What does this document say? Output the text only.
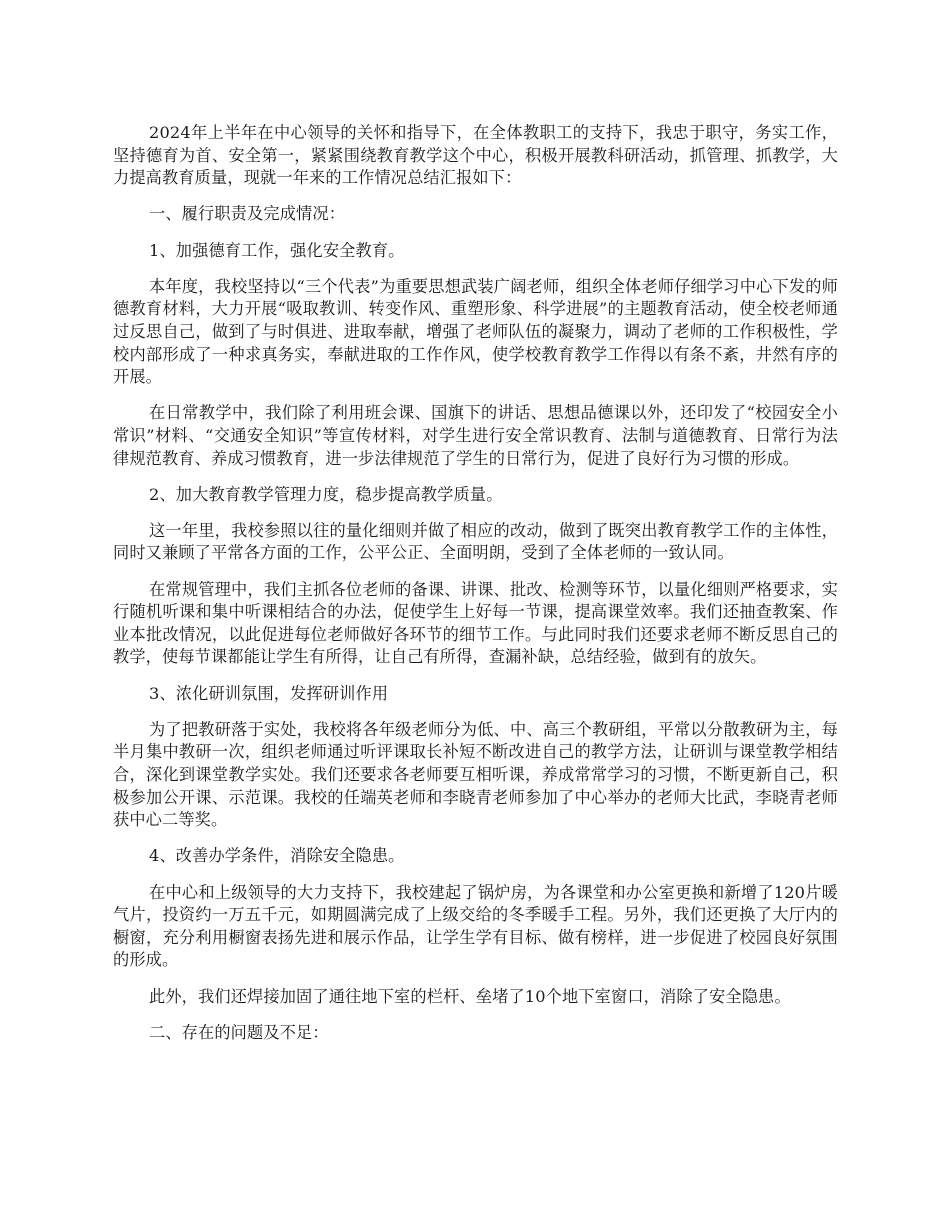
2024年上半年在中心领导的关怀和指导下，在全体教职工的支持下，我忠于职守，务实工作，坚持德育为首、安全第一，紧紧围绕教育教学这个中心，积极开展教科研活动，抓管理、抓教学，大力提高教育质量，现就一年来的工作情况总结汇报如下：

一、履行职责及完成情况：

1、加强德育工作，强化安全教育。

本年度，我校坚持以“三个代表”为重要思想武装广阔老师，组织全体老师仔细学习中心下发的师德教育材料，大力开展“吸取教训、转变作风、重塑形象、科学进展”的主题教育活动，使全校老师通过反思自己，做到了与时俱进、进取奉献，增强了老师队伍的凝聚力，调动了老师的工作积极性，学校内部形成了一种求真务实，奉献进取的工作作风，使学校教育教学工作得以有条不紊，井然有序的开展。

在日常教学中，我们除了利用班会课、国旗下的讲话、思想品德课以外，还印发了“校园安全小常识”材料、“交通安全知识”等宣传材料，对学生进行安全常识教育、法制与道德教育、日常行为法律规范教育、养成习惯教育，进一步法律规范了学生的日常行为，促进了良好行为习惯的形成。

2、加大教育教学管理力度，稳步提高教学质量。

这一年里，我校参照以往的量化细则并做了相应的改动，做到了既突出教育教学工作的主体性，同时又兼顾了平常各方面的工作，公平公正、全面明朗，受到了全体老师的一致认同。

在常规管理中，我们主抓各位老师的备课、讲课、批改、检测等环节，以量化细则严格要求，实行随机听课和集中听课相结合的办法，促使学生上好每一节课，提高课堂效率。我们还抽查教案、作业本批改情况，以此促进每位老师做好各环节的细节工作。与此同时我们还要求老师不断反思自己的教学，使每节课都能让学生有所得，让自己有所得，查漏补缺，总结经验，做到有的放矢。

3、浓化研训氛围，发挥研训作用

为了把教研落于实处，我校将各年级老师分为低、中、高三个教研组，平常以分散教研为主，每半月集中教研一次，组织老师通过听评课取长补短不断改进自己的教学方法，让研训与课堂教学相结合，深化到课堂教学实处。我们还要求各老师要互相听课，养成常常学习的习惯，不断更新自己，积极参加公开课、示范课。我校的任端英老师和李晓青老师参加了中心举办的老师大比武，李晓青老师获中心二等奖。

4、改善办学条件，消除安全隐患。

在中心和上级领导的大力支持下，我校建起了锅炉房，为各课堂和办公室更换和新增了120片暖气片，投资约一万五千元，如期圆满完成了上级交给的冬季暖手工程。另外，我们还更换了大厅内的橱窗，充分利用橱窗表扬先进和展示作品，让学生学有目标、做有榜样，进一步促进了校园良好氛围的形成。

此外，我们还焊接加固了通往地下室的栏杆、垒堵了10个地下室窗口，消除了安全隐患。

二、存在的问题及不足：
